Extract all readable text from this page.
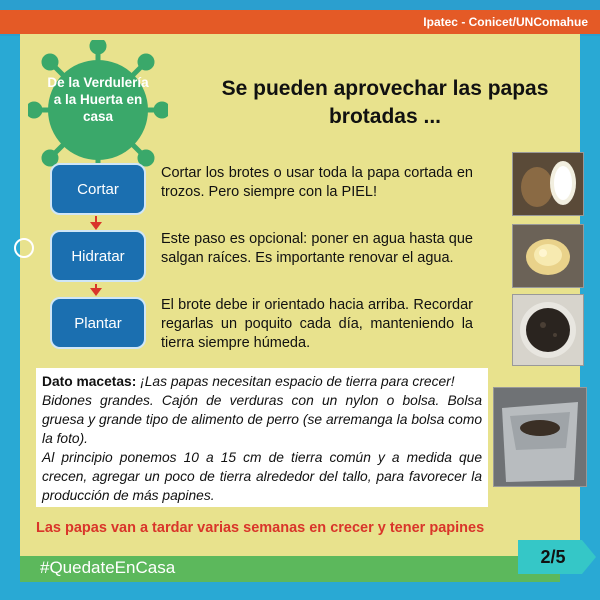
Ipatec - Conicet/UNComahue
De la Verdulería a la Huerta en casa
Se pueden aprovechar las papas brotadas ...
Cortar
Hidratar
Plantar
Cortar los brotes o usar toda la papa cortada en trozos. Pero siempre con la PIEL!
Este paso es opcional: poner en agua hasta que salgan raíces. Es importante renovar el agua.
El brote debe ir orientado hacia arriba. Recordar regarlas un poquito cada día, manteniendo la tierra siempre húmeda.
Dato macetas: ¡Las papas necesitan espacio de tierra para crecer!
Bidones grandes. Cajón de verduras con un nylon o bolsa. Bolsa gruesa y grande tipo de alimento de perro (se arremanga la bolsa como la foto).
Al principio ponemos 10 a 15 cm de tierra común y a medida que crecen, agregar un poco de tierra alrededor del tallo, para favorecer la producción de más papines.
Las papas van a tardar varias semanas en crecer y tener papines
#QuedateEnCasa
2/5
